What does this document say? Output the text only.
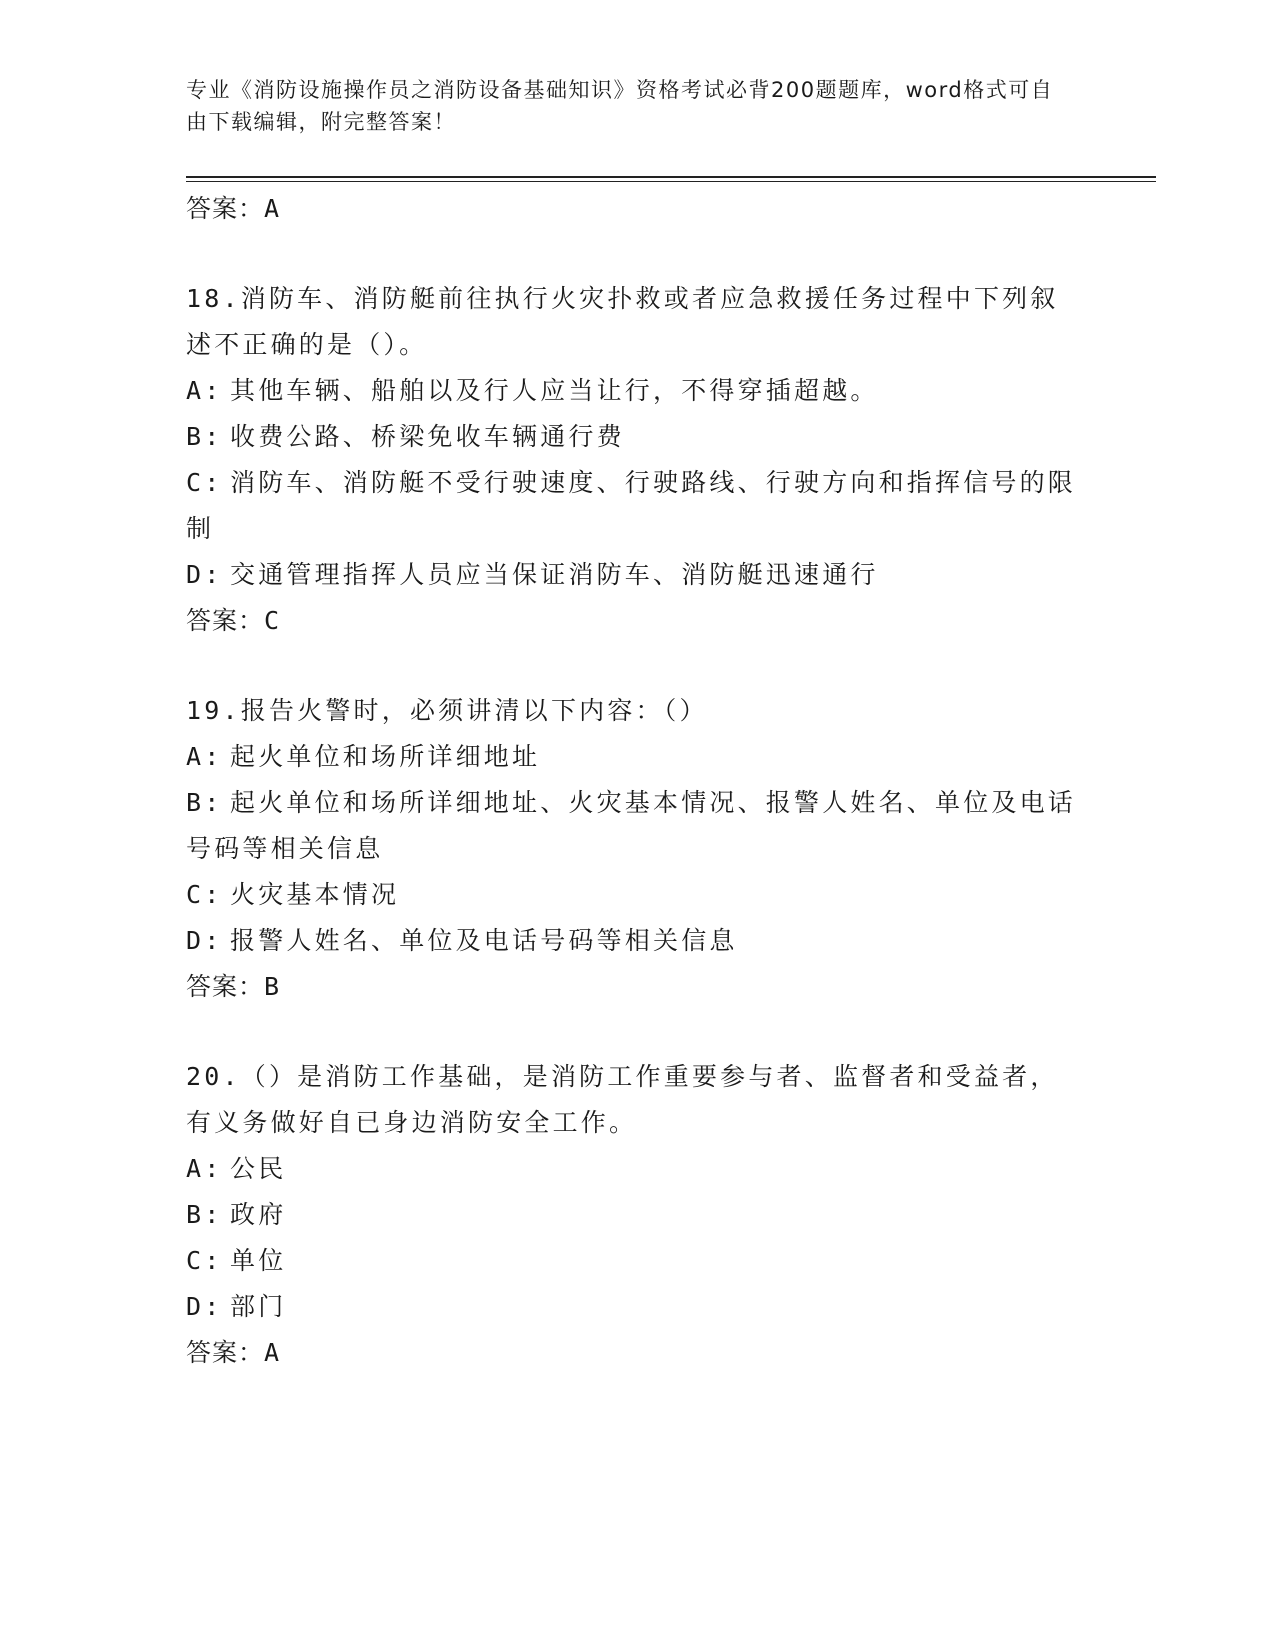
专业《消防设施操作员之消防设备基础知识》资格考试必背200题题库，word格式可自由下载编辑，附完整答案！

答案：A

18.消防车、消防艇前往执行火灾扑救或者应急救援任务过程中下列叙述不正确的是（）。

A: 其他车辆、船舶以及行人应当让行，不得穿插超越。

B: 收费公路、桥梁免收车辆通行费

C: 消防车、消防艇不受行驶速度、行驶路线、行驶方向和指挥信号的限制

D: 交通管理指挥人员应当保证消防车、消防艇迅速通行

答案：C

19.报告火警时，必须讲清以下内容：（）

A: 起火单位和场所详细地址

B: 起火单位和场所详细地址、火灾基本情况、报警人姓名、单位及电话号码等相关信息

C: 火灾基本情况

D: 报警人姓名、单位及电话号码等相关信息

答案：B

20.（）是消防工作基础，是消防工作重要参与者、监督者和受益者，有义务做好自已身边消防安全工作。

A: 公民

B: 政府

C: 单位

D: 部门

答案：A
